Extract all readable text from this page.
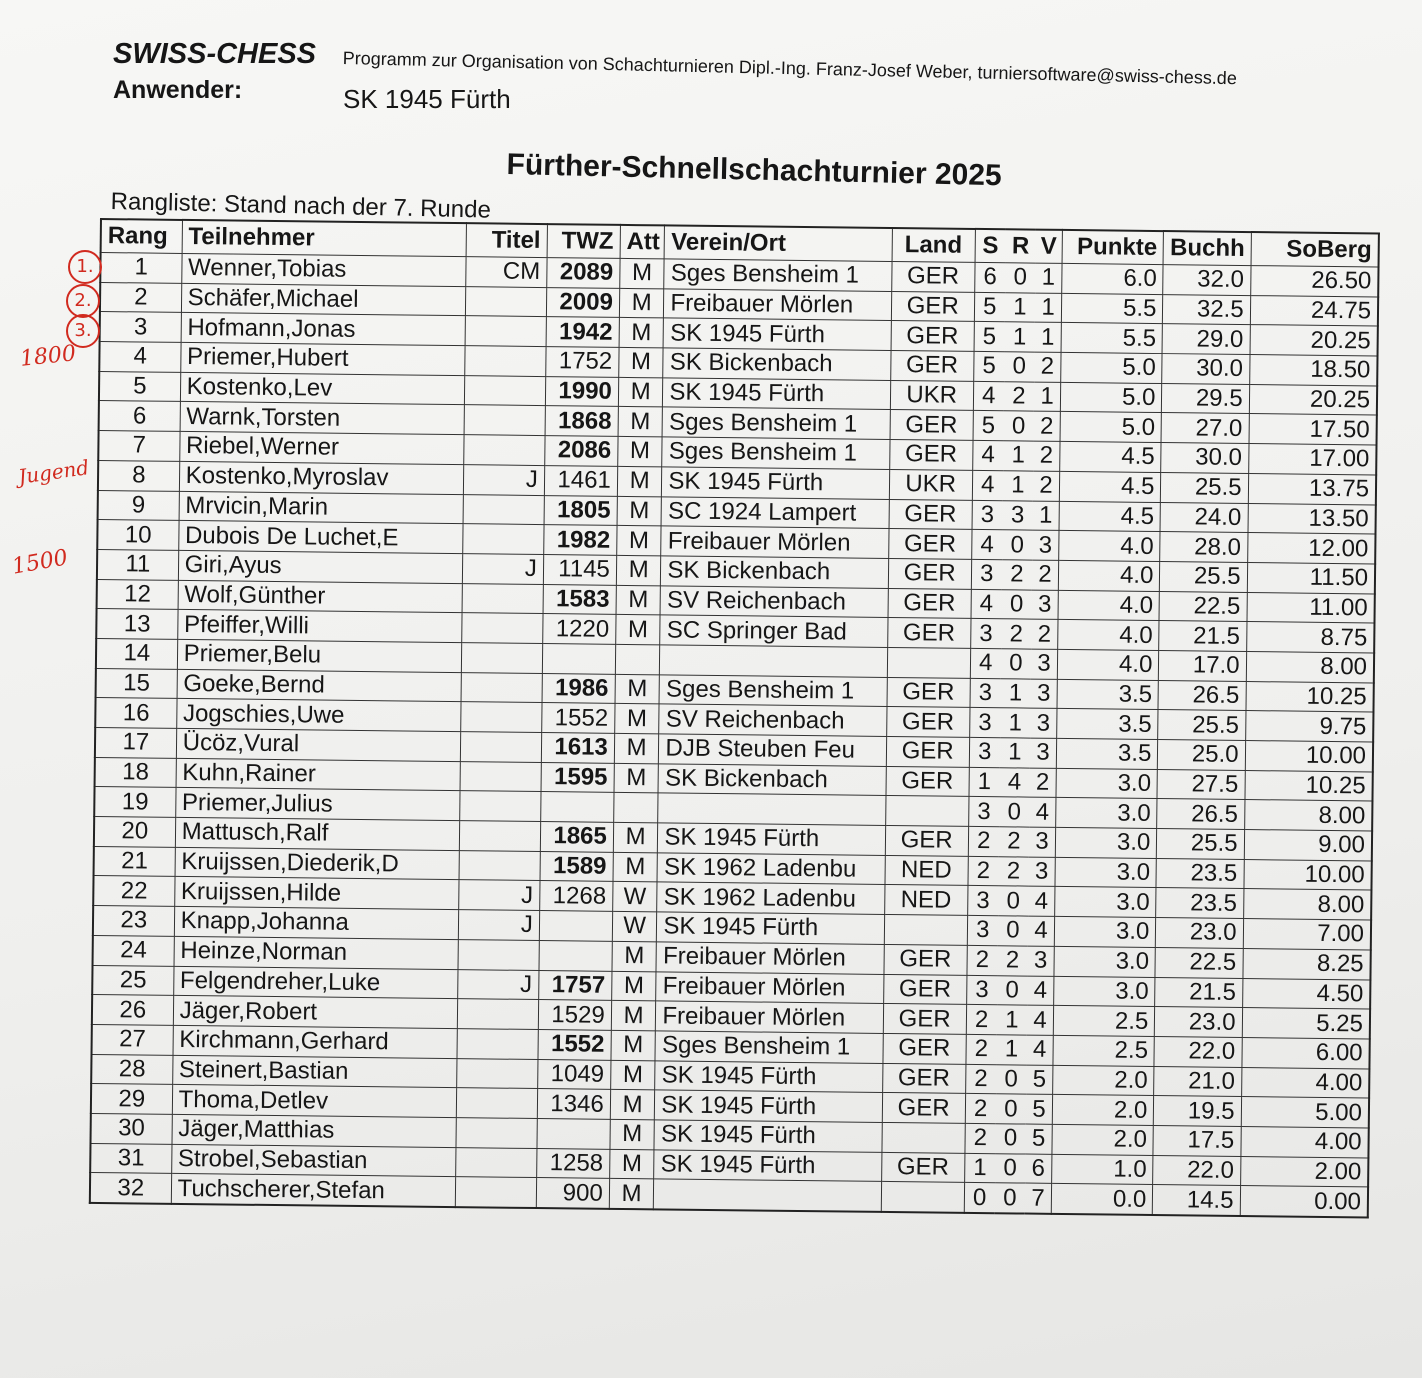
SWISS-CHESS Programm zur Organisation von Schachturnieren Dipl.-Ing. Franz-Josef Weber, turniersoftware@swiss-chess.de
Anwender:	SK 1945 Fürth
Fürther-Schnellschachturnier 2025
Rangliste: Stand nach der 7. Runde
Rang	Teilnehmer	Titel	TWZ	Att	Verein/Ort	Land	S	R	V	Punkte	Buchh	SoBerg
1	Wenner,Tobias	CM	2089	M	Sges Bensheim 1	GER	6	0	1	6.0	32.0	26.50
2	Schäfer,Michael		2009	M	Freibauer Mörlen	GER	5	1	1	5.5	32.5	24.75
3	Hofmann,Jonas		1942	M	SK 1945 Fürth	GER	5	1	1	5.5	29.0	20.25
4	Priemer,Hubert		1752	M	SK Bickenbach	GER	5	0	2	5.0	30.0	18.50
5	Kostenko,Lev		1990	M	SK 1945 Fürth	UKR	4	2	1	5.0	29.5	20.25
6	Warnk,Torsten		1868	M	Sges Bensheim 1	GER	5	0	2	5.0	27.0	17.50
7	Riebel,Werner		2086	M	Sges Bensheim 1	GER	4	1	2	4.5	30.0	17.00
8	Kostenko,Myroslav	J	1461	M	SK 1945 Fürth	UKR	4	1	2	4.5	25.5	13.75
9	Mrvicin,Marin		1805	M	SC 1924 Lampert	GER	3	3	1	4.5	24.0	13.50
10	Dubois De Luchet,E		1982	M	Freibauer Mörlen	GER	4	0	3	4.0	28.0	12.00
11	Giri,Ayus	J	1145	M	SK Bickenbach	GER	3	2	2	4.0	25.5	11.50
12	Wolf,Günther		1583	M	SV Reichenbach	GER	4	0	3	4.0	22.5	11.00
13	Pfeiffer,Willi		1220	M	SC Springer Bad	GER	3	2	2	4.0	21.5	8.75
14	Priemer,Belu						4	0	3	4.0	17.0	8.00
15	Goeke,Bernd		1986	M	Sges Bensheim 1	GER	3	1	3	3.5	26.5	10.25
16	Jogschies,Uwe		1552	M	SV Reichenbach	GER	3	1	3	3.5	25.5	9.75
17	Ücöz,Vural		1613	M	DJB Steuben Feu	GER	3	1	3	3.5	25.0	10.00
18	Kuhn,Rainer		1595	M	SK Bickenbach	GER	1	4	2	3.0	27.5	10.25
19	Priemer,Julius						3	0	4	3.0	26.5	8.00
20	Mattusch,Ralf		1865	M	SK 1945 Fürth	GER	2	2	3	3.0	25.5	9.00
21	Kruijssen,Diederik,D		1589	M	SK 1962 Ladenbu	NED	2	2	3	3.0	23.5	10.00
22	Kruijssen,Hilde	J	1268	W	SK 1962 Ladenbu	NED	3	0	4	3.0	23.5	8.00
23	Knapp,Johanna	J		W	SK 1945 Fürth		3	0	4	3.0	23.0	7.00
24	Heinze,Norman			M	Freibauer Mörlen	GER	2	2	3	3.0	22.5	8.25
25	Felgendreher,Luke	J	1757	M	Freibauer Mörlen	GER	3	0	4	3.0	21.5	4.50
26	Jäger,Robert		1529	M	Freibauer Mörlen	GER	2	1	4	2.5	23.0	5.25
27	Kirchmann,Gerhard		1552	M	Sges Bensheim 1	GER	2	1	4	2.5	22.0	6.00
28	Steinert,Bastian		1049	M	SK 1945 Fürth	GER	2	0	5	2.0	21.0	4.00
29	Thoma,Detlev		1346	M	SK 1945 Fürth	GER	2	0	5	2.0	19.5	5.00
30	Jäger,Matthias			M	SK 1945 Fürth		2	0	5	2.0	17.5	4.00
31	Strobel,Sebastian		1258	M	SK 1945 Fürth	GER	1	0	6	1.0	22.0	2.00
32	Tuchscherer,Stefan		900	M			0	0	7	0.0	14.5	0.00
1.
2.
3.
1800
Jugend
1500
